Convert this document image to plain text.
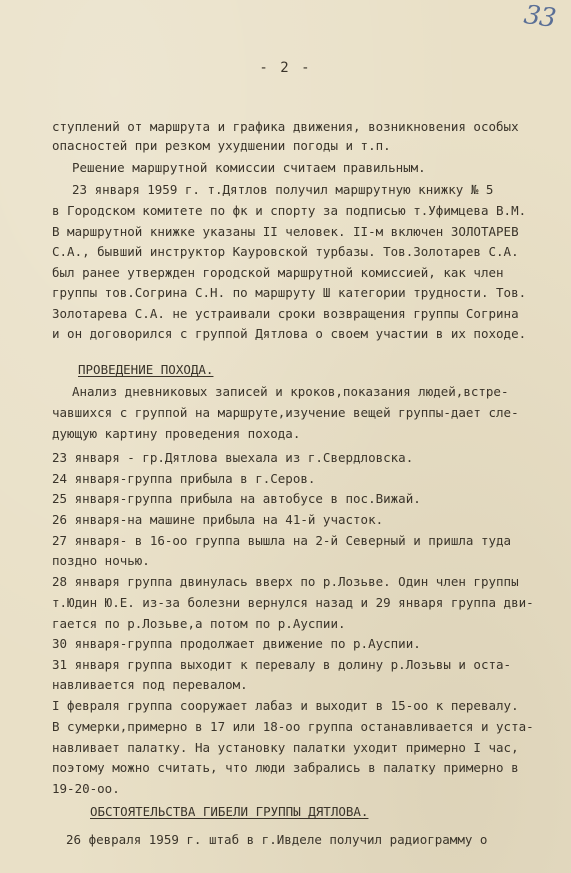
33
- 2 -
ступлений от маршрута и графика движения, возникновения особых
опасностей при резком ухудшении погоды и т.п.
Решение маршрутной комиссии считаем правильным.
23 января 1959 г. т.Дятлов получил маршрутную книжку № 5
в Городском комитете по фк и спорту за подписью т.Уфимцева В.М.
В маршрутной книжке указаны II человек. II-м включен ЗОЛОТАРЕВ
С.А., бывший инструктор Кауровской турбазы. Тов.Золотарев С.А.
был ранее утвержден городской маршрутной комиссией, как член
группы тов.Согрина С.Н. по маршруту Ш категории трудности. Тов.
Золотарева С.А. не устраивали сроки возвращения группы Согрина
и он договорился с группой Дятлова о своем участии в их походе.
ПРОВЕДЕНИЕ ПОХОДА.
Анализ дневниковых записей и кроков,показания людей,встре-
чавшихся с группой на маршруте,изучение вещей группы-дает сле-
дующую картину проведения похода.
23 января - гр.Дятлова выехала из г.Свердловска.
24 января-группа прибыла в г.Серов.
25 января-группа прибыла на автобусе в пос.Вижай.
26 января-на машине прибыла на 41-й участок.
27 января- в 16-оо группа вышла на 2-й Северный и пришла туда
поздно ночью.
28 января группа двинулась вверх по р.Лозьве. Один член группы
т.Юдин Ю.Е. из-за болезни вернулся назад и 29 января группа дви-
гается по р.Лозьве,а потом по р.Ауспии.
30 января-группа продолжает движение по р.Ауспии.
31 января группа выходит к перевалу в долину р.Лозьвы и оста-
навливается под перевалом.
I февраля группа сооружает лабаз и выходит в 15-оо к перевалу.
В сумерки,примерно в 17 или 18-оо группа останавливается и уста-
навливает палатку. На установку палатки уходит примерно I час,
поэтому можно считать, что люди забрались в палатку примерно в
19-20-оо.
ОБСТОЯТЕЛЬСТВА ГИБЕЛИ ГРУППЫ ДЯТЛОВА.
26 февраля 1959 г. штаб в г.Ивделе получил радиограмму о
